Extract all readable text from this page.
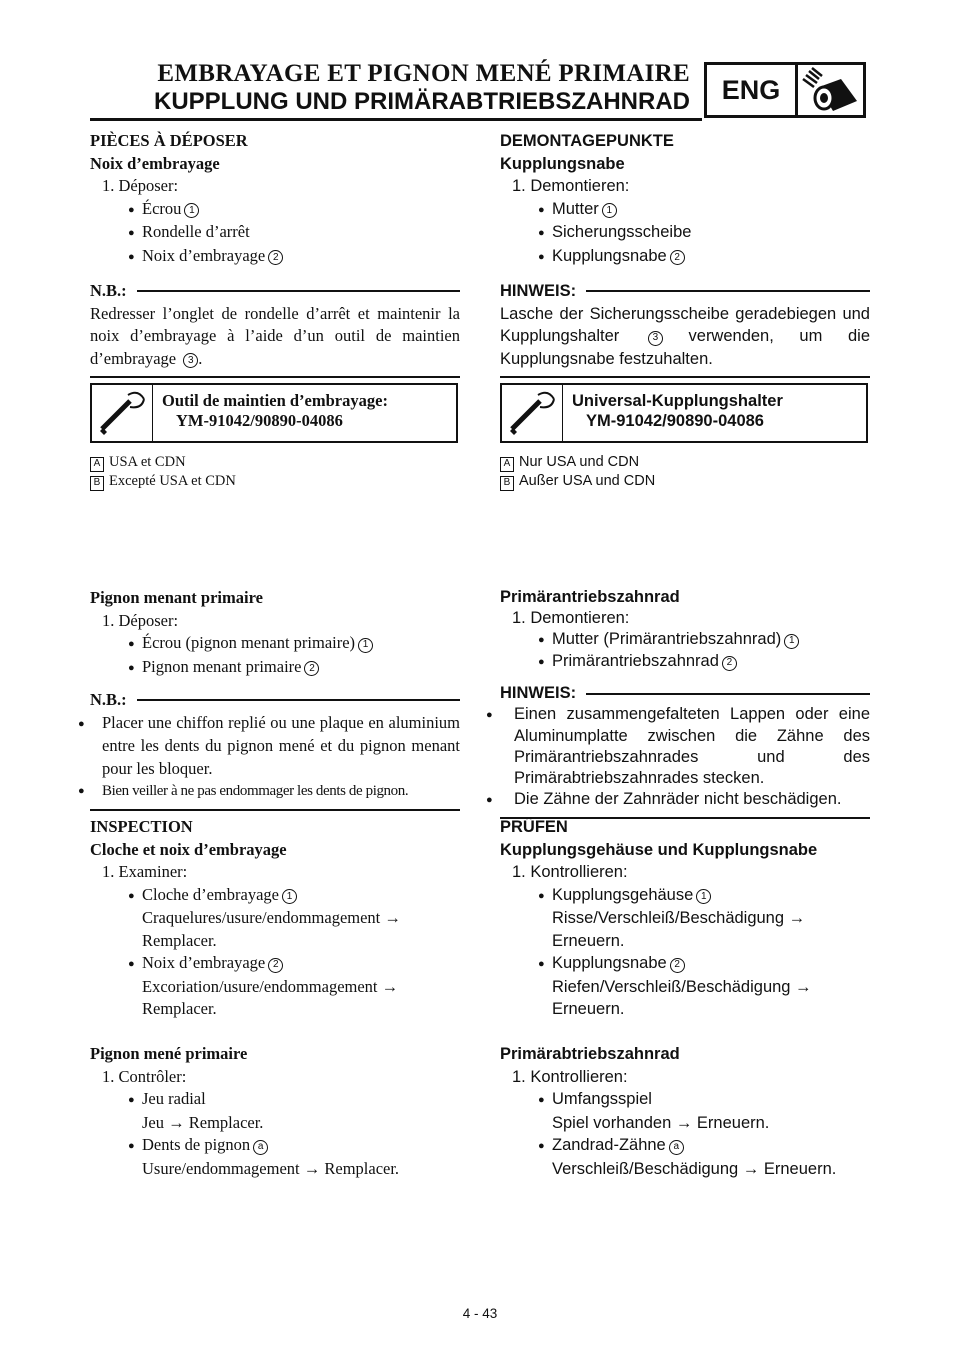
EMBRAYAGE ET PIGNON MENÉ PRIMAIRE
KUPPLUNG UND PRIMÄRABTRIEBSZAHNRAD	ENG
PIÈCES À DÉPOSER
Noix d’embrayage
1. Déposer:
● Écrou 1
● Rondelle d’arrêt
● Noix d’embrayage 2
N.B.:
Redresser l’onglet de rondelle d’arrêt et maintenir la noix d’embrayage à l’aide d’un outil de maintien d’embrayage 3 .
Outil de maintien d’embrayage:
YM-91042/90890-04086
A USA et CDN
B Excepté USA et CDN
Pignon menant primaire
1. Déposer:
● Écrou (pignon menant primaire) 1
● Pignon menant primaire 2
N.B.:
● Placer une chiffon replié ou une plaque en aluminium entre les dents du pignon mené et du pignon menant pour les bloquer.
● Bien veiller à ne pas endommager les dents de pignon.
INSPECTION
Cloche et noix d’embrayage
1. Examiner:
● Cloche d’embrayage 1
Craquelures/usure/endommagement →
Remplacer.
● Noix d’embrayage 2
Excoriation/usure/endommagement →
Remplacer.
Pignon mené primaire
1. Contrôler:
● Jeu radial
Jeu → Remplacer.
● Dents de pignon a
Usure/endommagement → Remplacer.
DEMONTAGEPUNKTE
Kupplungsnabe
1. Demontieren:
● Mutter 1
● Sicherungsscheibe
● Kupplungsnabe 2
HINWEIS:
Lasche der Sicherungsscheibe geradebiegen und Kupplungshalter	3 verwenden, um die Kupplungsnabe festzuhalten.
Universal-Kupplungshalter
YM-91042/90890-04086
A Nur USA und CDN
B Außer USA und CDN
Primärantriebszahnrad
1. Demontieren:
● Mutter (Primärantriebszahnrad) 1
● Primärantriebszahnrad 2
HINWEIS:
● Einen zusammengefalteten Lappen oder eine Aluminumplatte zwischen die Zähne des Primärantriebszahnrades und des Primärabtriebszahnrades stecken.
● Die Zähne der Zahnräder nicht beschädigen.
PRÜFEN
Kupplungsgehäuse und Kupplungsnabe
1. Kontrollieren:
● Kupplungsgehäuse 1
Risse/Verschleiß/Beschädigung →
Erneuern.
● Kupplungsnabe 2
Riefen/Verschleiß/Beschädigung →
Erneuern.
Primärabtriebszahnrad
1. Kontrollieren:
● Umfangsspiel
Spiel vorhanden → Erneuern.
● Zandrad-Zähne a
Verschleiß/Beschädigung → Erneuern.
4 - 43
